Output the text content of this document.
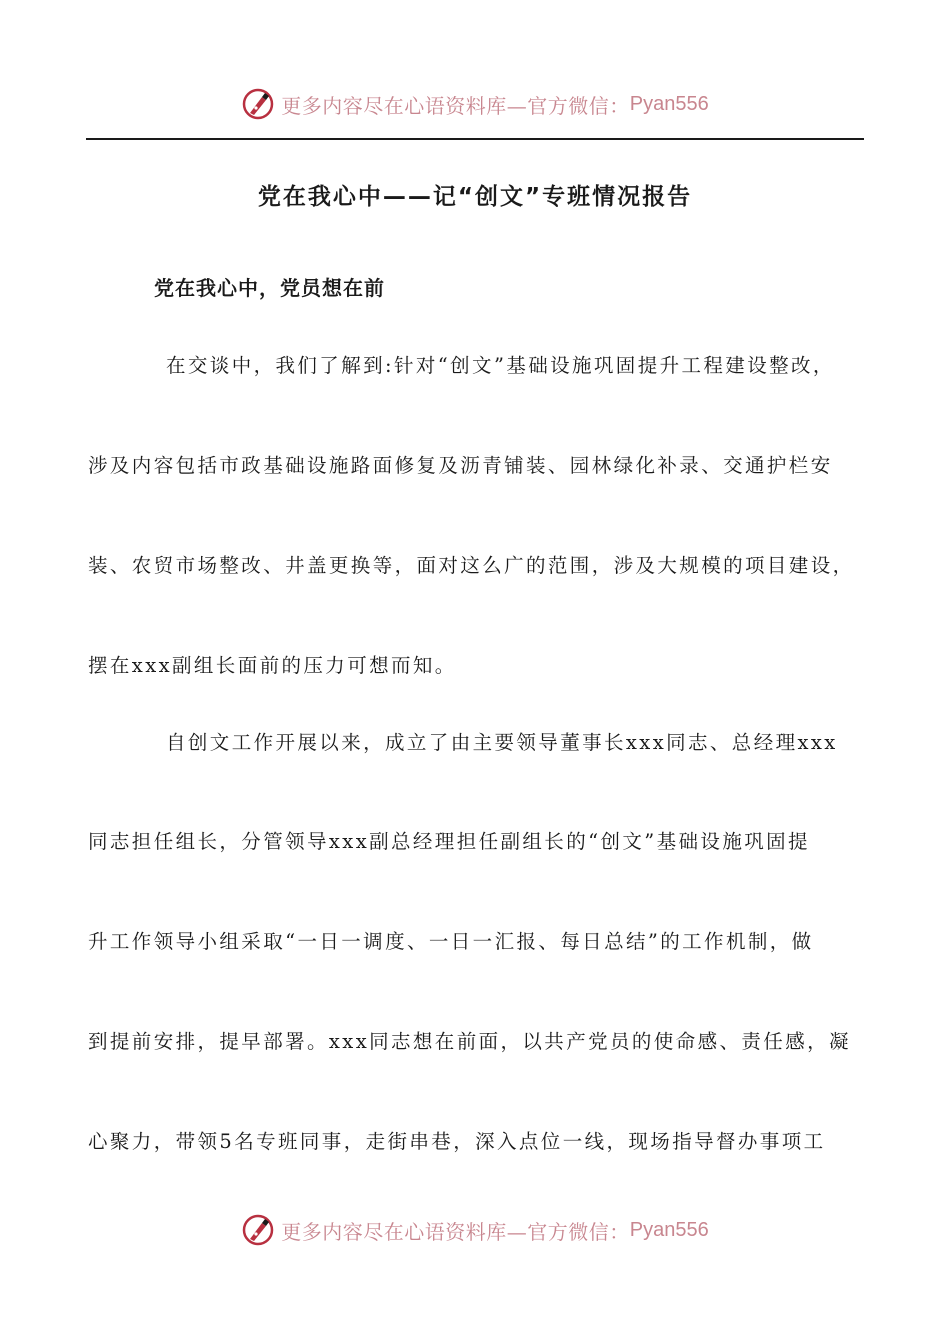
更多内容尽在心语资料库—官方微信： Pyan556
党在我心中——记“创文”专班情况报告
党在我心中，党员想在前
在交谈中，我们了解到:针对“创文”基础设施巩固提升工程建设整改，
涉及内容包括市政基础设施路面修复及沥青铺装、园林绿化补录、交通护栏安
装、农贸市场整改、井盖更换等，面对这么广的范围，涉及大规模的项目建设，
摆在xxx副组长面前的压力可想而知。
自创文工作开展以来，成立了由主要领导董事长xxx同志、总经理xxx
同志担任组长，分管领导xxx副总经理担任副组长的“创文”基础设施巩固提
升工作领导小组采取“一日一调度、一日一汇报、每日总结”的工作机制，做
到提前安排，提早部署。xxx同志想在前面，以共产党员的使命感、责任感，凝
心聚力，带领5名专班同事，走街串巷，深入点位一线，现场指导督办事项工
更多内容尽在心语资料库—官方微信： Pyan556
